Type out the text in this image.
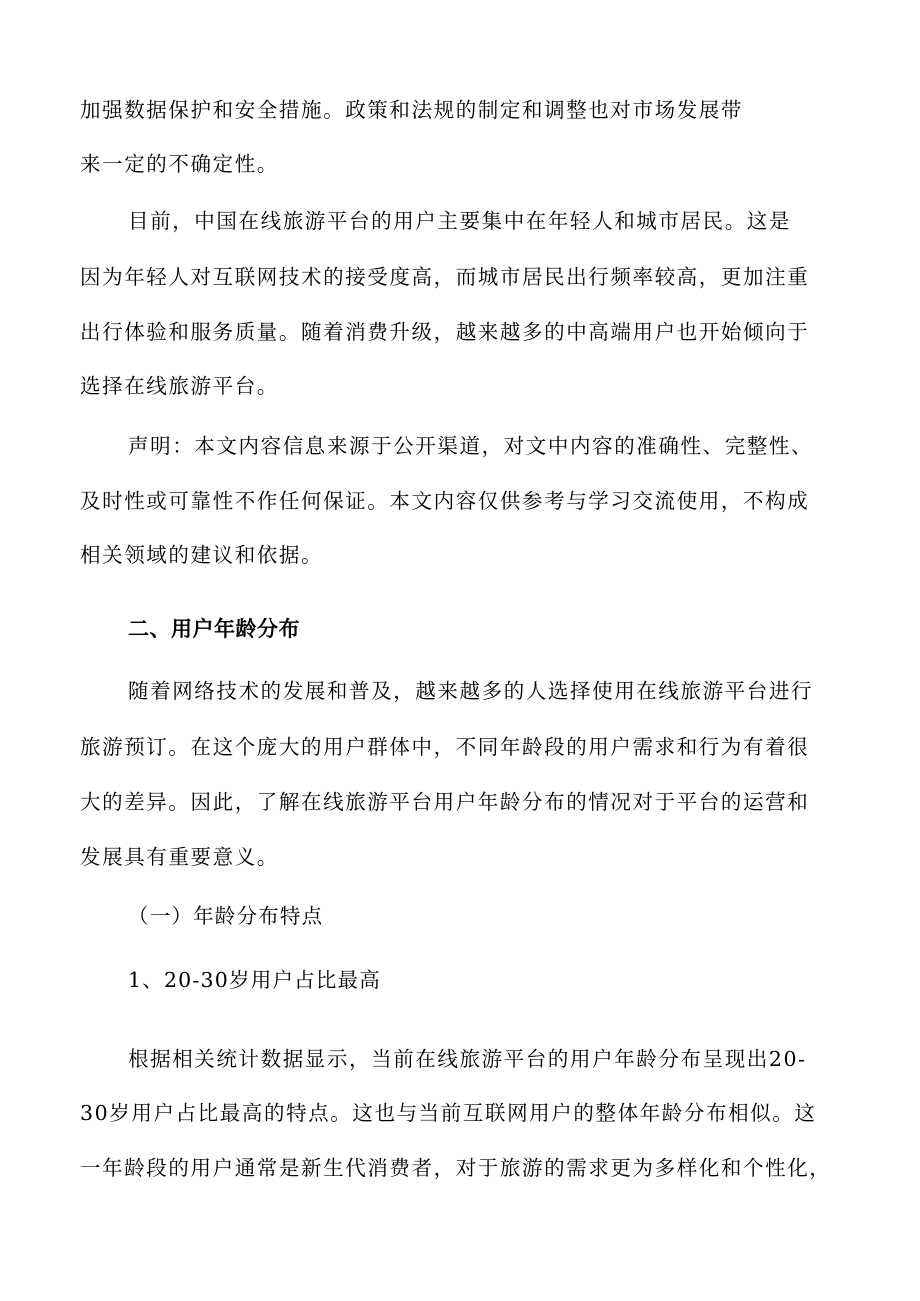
加强数据保护和安全措施。政策和法规的制定和调整也对市场发展带
来一定的不确定性。
目前，中国在线旅游平台的用户主要集中在年轻人和城市居民。这是
因为年轻人对互联网技术的接受度高，而城市居民出行频率较高，更加注重
出行体验和服务质量。随着消费升级，越来越多的中高端用户也开始倾向于
选择在线旅游平台。
声明：本文内容信息来源于公开渠道，对文中内容的准确性、完整性、
及时性或可靠性不作任何保证。本文内容仅供参考与学习交流使用，不构成
相关领域的建议和依据。
二、用户年龄分布
随着网络技术的发展和普及，越来越多的人选择使用在线旅游平台进行
旅游预订。在这个庞大的用户群体中，不同年龄段的用户需求和行为有着很
大的差异。因此，了解在线旅游平台用户年龄分布的情况对于平台的运营和
发展具有重要意义。
（一）年龄分布特点
1、20-30岁用户占比最高
根据相关统计数据显示，当前在线旅游平台的用户年龄分布呈现出20-
30岁用户占比最高的特点。这也与当前互联网用户的整体年龄分布相似。这
一年龄段的用户通常是新生代消费者，对于旅游的需求更为多样化和个性化，
